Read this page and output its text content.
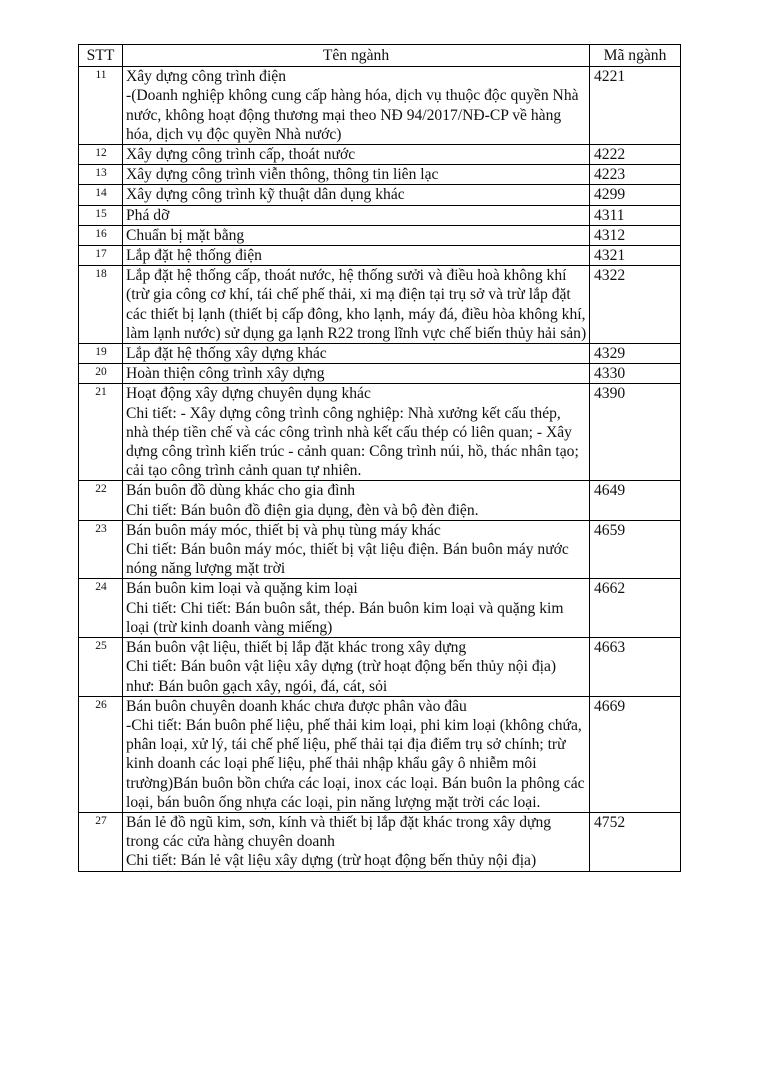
STT	Tên ngành	Mã ngành
11	Xây dựng công trình điện
-(Doanh nghiệp không cung cấp hàng hóa, dịch vụ thuộc độc quyền Nhà nước, không hoạt động thương mại theo NĐ 94/2017/NĐ-CP về hàng hóa, dịch vụ độc quyền Nhà nước)	4221
12	Xây dựng công trình cấp, thoát nước	4222
13	Xây dựng công trình viễn thông, thông tin liên lạc	4223
14	Xây dựng công trình kỹ thuật dân dụng khác	4299
15	Phá dỡ	4311
16	Chuẩn bị mặt bằng	4312
17	Lắp đặt hệ thống điện	4321
18	Lắp đặt hệ thống cấp, thoát nước, hệ thống sưởi và điều hoà không khí
(trừ gia công cơ khí, tái chế phế thải, xi mạ điện tại trụ sở và trừ lắp đặt các thiết bị lạnh (thiết bị cấp đông, kho lạnh, máy đá, điều hòa không khí, làm lạnh nước) sử dụng ga lạnh R22 trong lĩnh vực chế biến thủy hải sản)	4322
19	Lắp đặt hệ thống xây dựng khác	4329
20	Hoàn thiện công trình xây dựng	4330
21	Hoạt động xây dựng chuyên dụng khác
Chi tiết: - Xây dựng công trình công nghiệp: Nhà xưởng kết cấu thép, nhà thép tiền chế và các công trình nhà kết cấu thép có liên quan; - Xây dựng công trình kiến trúc - cảnh quan: Công trình núi, hồ, thác nhân tạo; cải tạo công trình cảnh quan tự nhiên.	4390
22	Bán buôn đồ dùng khác cho gia đình
Chi tiết: Bán buôn đồ điện gia dụng, đèn và bộ đèn điện.	4649
23	Bán buôn máy móc, thiết bị và phụ tùng máy khác
Chi tiết: Bán buôn máy móc, thiết bị vật liệu điện. Bán buôn máy nước nóng năng lượng mặt trời	4659
24	Bán buôn kim loại và quặng kim loại
Chi tiết: Chi tiết: Bán buôn sắt, thép. Bán buôn kim loại và quặng kim loại (trừ kinh doanh vàng miếng)	4662
25	Bán buôn vật liệu, thiết bị lắp đặt khác trong xây dựng
Chi tiết: Bán buôn vật liệu xây dựng (trừ hoạt động bến thủy nội địa) như: Bán buôn gạch xây, ngói, đá, cát, sỏi	4663
26	Bán buôn chuyên doanh khác chưa được phân vào đâu
-Chi tiết: Bán buôn phế liệu, phế thải kim loại, phi kim loại (không chứa, phân loại, xử lý, tái chế phế liệu, phế thải tại địa điểm trụ sở chính; trừ kinh doanh các loại phế liệu, phế thải nhập khẩu gây ô nhiễm môi trường)Bán buôn bồn chứa các loại, inox các loại. Bán buôn la phông các loại, bán buôn ống nhựa các loại, pin năng lượng mặt trời các loại.	4669
27	Bán lẻ đồ ngũ kim, sơn, kính và thiết bị lắp đặt khác trong xây dựng trong các cửa hàng chuyên doanh
Chi tiết: Bán lẻ vật liệu xây dựng (trừ hoạt động bến thủy nội địa)	4752
